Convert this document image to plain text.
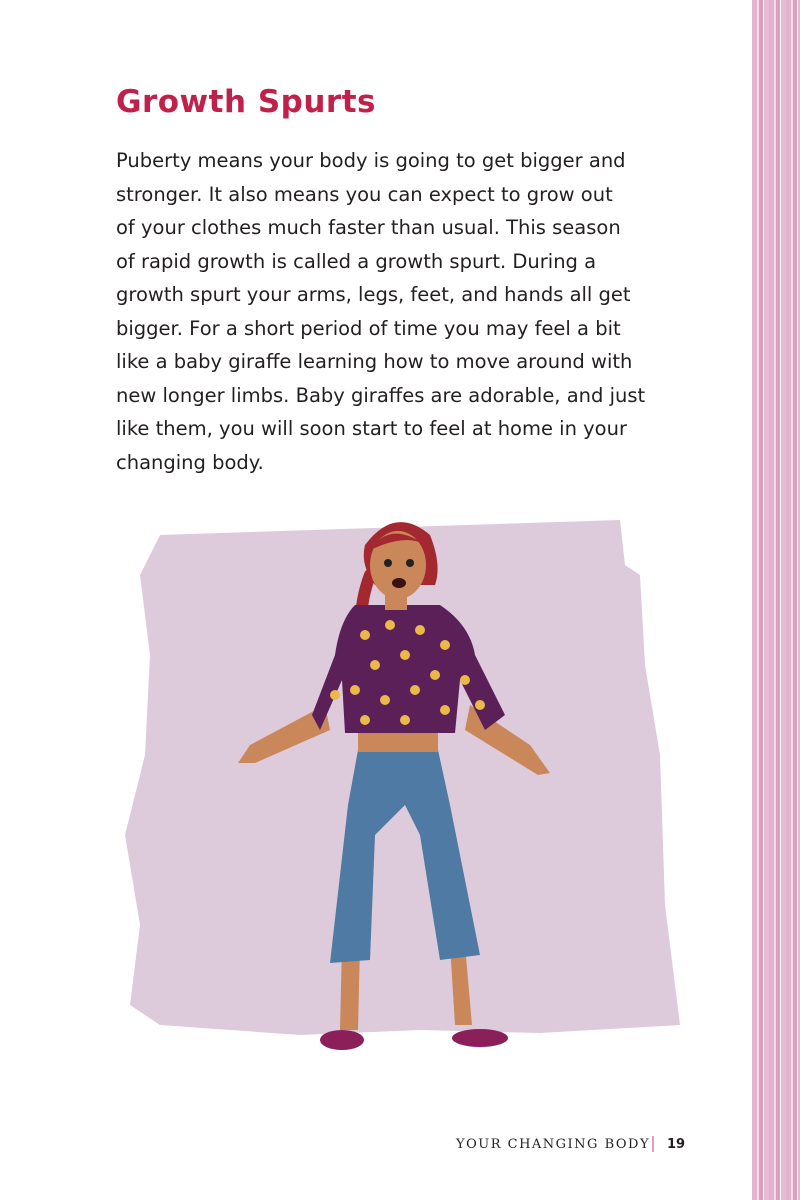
Growth Spurts
Puberty means your body is going to get bigger and
stronger. It also means you can expect to grow out
of your clothes much faster than usual. This season
of rapid growth is called a growth spurt. During a
growth spurt your arms, legs, feet, and hands all get
bigger. For a short period of time you may feel a bit
like a baby giraffe learning how to move around with
new longer limbs. Baby giraffes are adorable, and just
like them, you will soon start to feel at home in your
changing body.
YOUR CHANGING BODY 19
